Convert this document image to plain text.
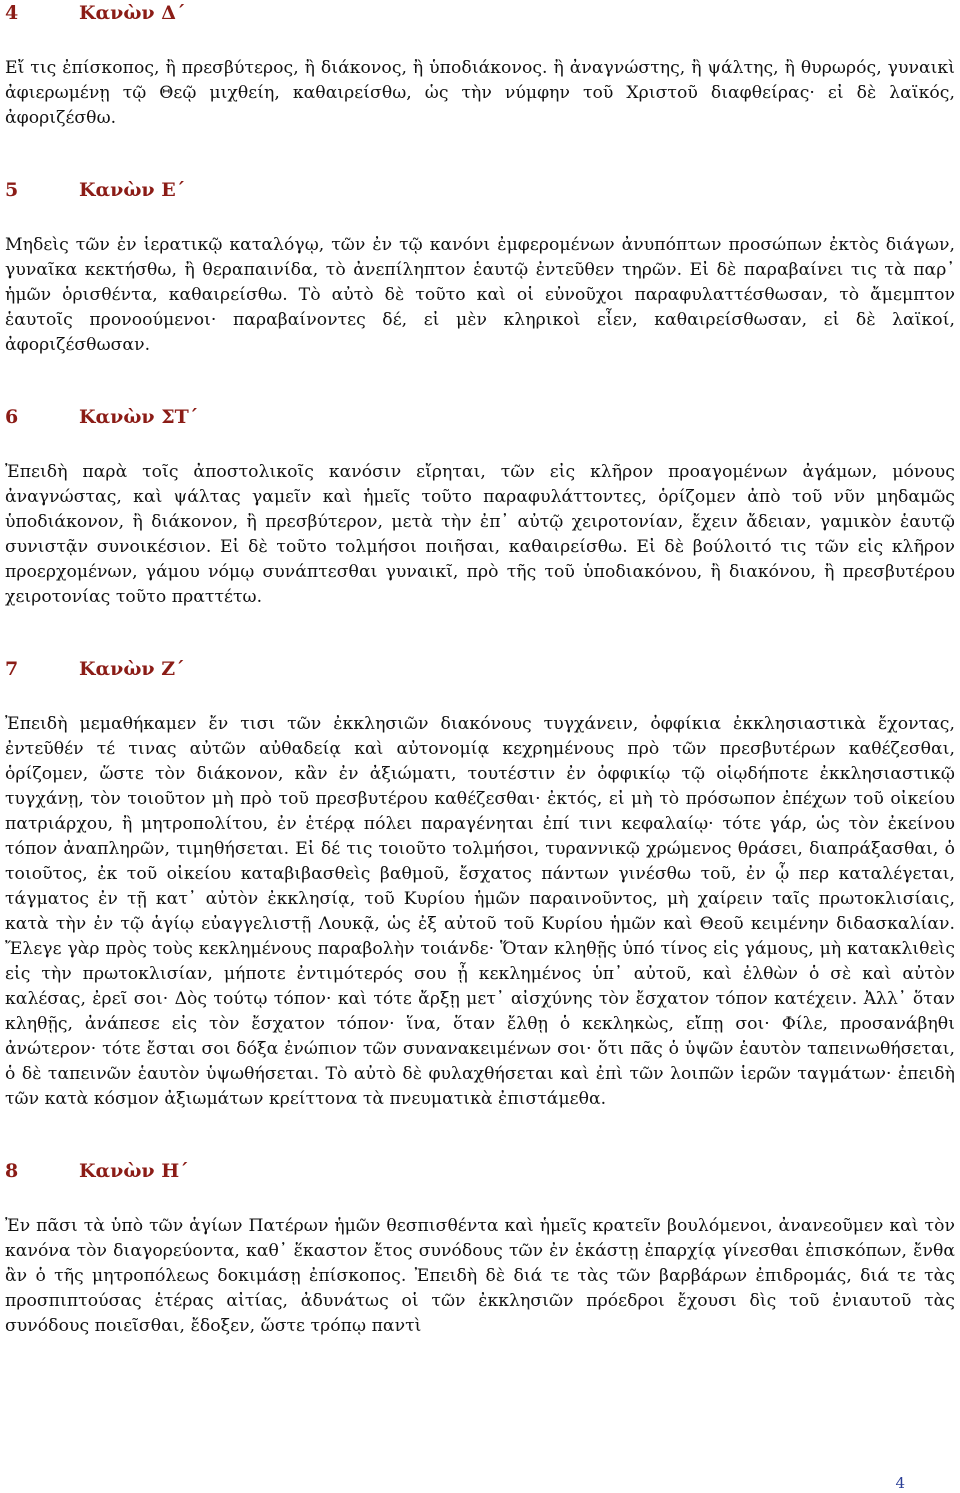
4	Κανὼν Δ´

Εἴ τις ἐπίσκοπος, ἢ πρεσβύτερος, ἢ διάκονος, ἢ ὑποδιάκονος. ἢ ἀναγνώστης, ἢ ψάλτης, ἢ θυρωρός, γυναικὶ ἀφιερωμένῃ τῷ Θεῷ μιχθείη, καθαιρείσθω, ὡς τὴν νύμφην τοῦ Χριστοῦ διαφθείρας· εἰ δὲ λαϊκός, ἀφοριζέσθω.

5	Κανὼν Ε´

Μηδεὶς τῶν ἐν ἱερατικῷ καταλόγῳ, τῶν ἐν τῷ κανόνι ἐμφερομένων ἀνυπόπτων προσώπων ἐκτὸς διάγων, γυναῖκα κεκτήσθω, ἢ θεραπαινίδα, τὸ ἀνεπίληπτον ἑαυτῷ ἐντεῦθεν τηρῶν. Εἰ δὲ παραβαίνει τις τὰ παρ᾽ ἡμῶν ὁρισθέντα, καθαιρείσθω. Τὸ αὐτὸ δὲ τοῦτο καὶ οἱ εὐνοῦχοι παραφυλαττέσθωσαν, τὸ ἄμεμπτον ἑαυτοῖς προνοούμενοι· παραβαίνοντες δέ, εἰ μὲν κληρικοὶ εἶεν, καθαιρείσθωσαν, εἰ δὲ λαϊκοί, ἀφοριζέσθωσαν.

6	Κανὼν ΣΤ´

Ἐπειδὴ παρὰ τοῖς ἀποστολικοῖς κανόσιν εἴρηται, τῶν εἰς κλῆρον προαγομένων ἀγάμων, μόνους ἀναγνώστας, καὶ ψάλτας γαμεῖν καὶ ἡμεῖς τοῦτο παραφυλάττοντες, ὁρίζομεν ἀπὸ τοῦ νῦν μηδαμῶς ὑποδιάκονον, ἢ διάκονον, ἢ πρεσβύτερον, μετὰ τὴν ἐπ᾽ αὐτῷ χειροτονίαν, ἔχειν ἄδειαν, γαμικὸν ἑαυτῷ συνιστᾷν συνοικέσιον. Εἰ δὲ τοῦτο τολμήσοι ποιῆσαι, καθαιρείσθω. Εἰ δὲ βούλοιτό τις τῶν εἰς κλῆρον προερχομένων, γάμου νόμῳ συνάπτεσθαι γυναικῖ, πρὸ τῆς τοῦ ὑποδιακόνου, ἢ διακόνου, ἢ πρεσβυτέρου χειροτονίας τοῦτο πραττέτω.

7	Κανὼν Ζ´

Ἐπειδὴ μεμαθήκαμεν ἔν τισι τῶν ἐκκλησιῶν διακόνους τυγχάνειν, ὀφφίκια ἐκκλησιαστικὰ ἔχοντας, ἐντεῦθέν τέ τινας αὐτῶν αὐθαδείᾳ καὶ αὐτονομίᾳ κεχρημένους πρὸ τῶν πρεσβυτέρων καθέζεσθαι, ὁρίζομεν, ὥστε τὸν διάκονον, κἂν ἐν ἀξιώματι, τουτέστιν ἐν ὀφφικίῳ τῷ οἱῳδήποτε ἐκκλησιαστικῷ τυγχάνῃ, τὸν τοιοῦτον μὴ πρὸ τοῦ πρεσβυτέρου καθέζεσθαι· ἐκτός, εἰ μὴ τὸ πρόσωπον ἐπέχων τοῦ οἰκείου πατριάρχου, ἢ μητροπολίτου, ἐν ἑτέρᾳ πόλει παραγένηται ἐπί τινι κεφαλαίῳ· τότε γάρ, ὡς τὸν ἐκείνου τόπον ἀναπληρῶν, τιμηθήσεται. Εἰ δέ τις τοιοῦτο τολμήσοι, τυραννικῷ χρώμενος θράσει, διαπράξασθαι, ὁ τοιοῦτος, ἐκ τοῦ οἰκείου καταβιβασθεὶς βαθμοῦ, ἔσχατος πάντων γινέσθω τοῦ, ἐν ᾧ περ καταλέγεται, τάγματος ἐν τῇ κατ᾽ αὐτὸν ἐκκλησίᾳ, τοῦ Κυρίου ἡμῶν παραινοῦντος, μὴ χαίρειν ταῖς πρωτοκλισίαις, κατὰ τὴν ἐν τῷ ἁγίῳ εὐαγγελιστῇ Λουκᾷ, ὡς ἐξ αὐτοῦ τοῦ Κυρίου ἡμῶν καὶ Θεοῦ κειμένην διδασκαλίαν. Ἔλεγε γὰρ πρὸς τοὺς κεκλημένους παραβολὴν τοιάνδε· Ὅταν κληθῇς ὑπό τίνος εἰς γάμους, μὴ κατακλιθεὶς εἰς τὴν πρωτοκλισίαν, μήποτε ἐντιμότερός σου ᾖ κεκλημένος ὑπ᾽ αὐτοῦ, καὶ ἐλθὼν ὁ σὲ καὶ αὐτὸν καλέσας, ἐρεῖ σοι· Δὸς τούτῳ τόπον· καὶ τότε ἄρξῃ μετ᾽ αἰσχύνης τὸν ἔσχατον τόπον κατέχειν. Ἀλλ᾽ ὅταν κληθῇς, ἀνάπεσε εἰς τὸν ἔσχατον τόπον· ἵνα, ὅταν ἔλθῃ ὁ κεκληκὼς, εἴπῃ σοι· Φίλε, προσανάβηθι ἀνώτερον· τότε ἔσται σοι δόξα ἐνώπιον τῶν συνανακειμένων σοι· ὅτι πᾶς ὁ ὑψῶν ἑαυτὸν ταπεινωθήσεται, ὁ δὲ ταπεινῶν ἑαυτὸν ὑψωθήσεται. Τὸ αὐτὸ δὲ φυλαχθήσεται καὶ ἐπὶ τῶν λοιπῶν ἱερῶν ταγμάτων· ἐπειδὴ τῶν κατὰ κόσμον ἀξιωμάτων κρείττονα τὰ πνευματικὰ ἐπιστάμεθα.

8	Κανὼν Η´

Ἐν πᾶσι τὰ ὑπὸ τῶν ἁγίων Πατέρων ἡμῶν θεσπισθέντα καὶ ἡμεῖς κρατεῖν βουλόμενοι, ἀνανεοῦμεν καὶ τὸν κανόνα τὸν διαγορεύοντα, καθ᾽ ἕκαστον ἔτος συνόδους τῶν ἐν ἑκάστῃ ἐπαρχίᾳ γίνεσθαι ἐπισκόπων, ἔνθα ἂν ὁ τῆς μητροπόλεως δοκιμάσῃ ἐπίσκοπος. Ἐπειδὴ δὲ διά τε τὰς τῶν βαρβάρων ἐπιδρομάς, διά τε τὰς προσπιπτούσας ἑτέρας αἰτίας, ἀδυνάτως οἱ τῶν ἐκκλησιῶν πρόεδροι ἔχουσι δὶς τοῦ ἐνιαυτοῦ τὰς συνόδους ποιεῖσθαι, ἔδοξεν, ὥστε τρόπῳ παντὶ

4
